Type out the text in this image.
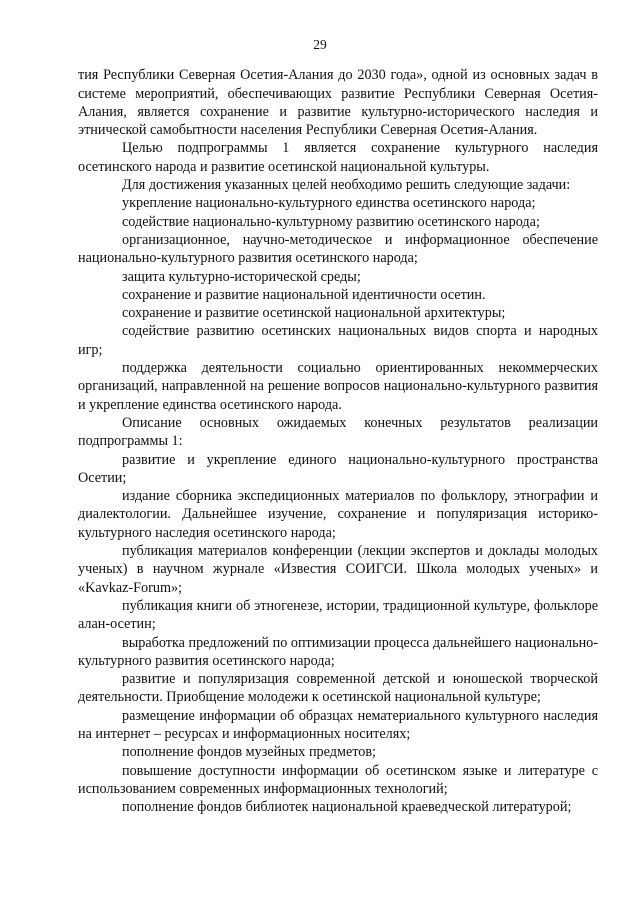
29

тия Республики Северная Осетия-Алания до 2030 года», одной из основных задач в системе мероприятий, обеспечивающих развитие Республики Северная Осетия-Алания, является сохранение и развитие культурно-исторического наследия и этнической самобытности населения Республики Северная Осетия-Алания.

Целью подпрограммы 1 является сохранение культурного наследия осетинского народа и развитие осетинской национальной культуры.

Для достижения указанных целей необходимо решить следующие задачи:

укрепление национально-культурного единства осетинского народа;

содействие национально-культурному развитию осетинского народа;

организационное, научно-методическое и информационное обеспечение национально-культурного развития осетинского народа;

защита культурно-исторической среды;

сохранение и развитие национальной идентичности осетин.

сохранение и развитие осетинской национальной архитектуры;

содействие развитию осетинских национальных видов спорта и народных игр;

поддержка деятельности социально ориентированных некоммерческих организаций, направленной на решение вопросов национально-культурного развития и укрепление единства осетинского народа.

Описание основных ожидаемых конечных результатов реализации подпрограммы 1:

развитие и укрепление единого национально-культурного пространства Осетии;

издание сборника экспедиционных материалов по фольклору, этнографии и диалектологии. Дальнейшее изучение, сохранение и популяризация историко-культурного наследия осетинского народа;

публикация материалов конференции (лекции экспертов и доклады молодых ученых) в научном журнале «Известия СОИГСИ. Школа молодых ученых» и «Kavkaz-Forum»;

публикация книги об этногенезе, истории, традиционной культуре, фольклоре алан-осетин;

выработка предложений по оптимизации процесса дальнейшего национально-культурного развития осетинского народа;

развитие и популяризация современной детской и юношеской творческой деятельности. Приобщение молодежи к осетинской национальной культуре;

размещение информации об образцах нематериального культурного наследия на интернет – ресурсах и информационных носителях;

пополнение фондов музейных предметов;

повышение доступности информации об осетинском языке и литературе с использованием современных информационных технологий;

пополнение фондов библиотек национальной краеведческой литературой;
